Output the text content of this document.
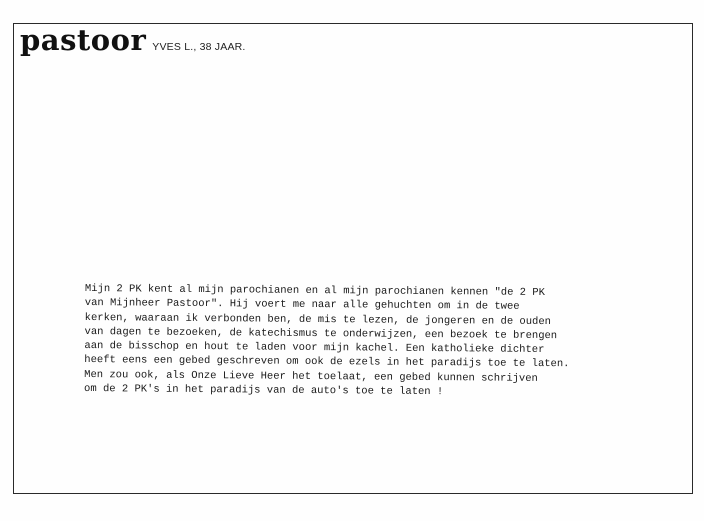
pastoor YVES L., 38 JAAR.
Mijn 2 PK kent al mijn parochianen en al mijn parochianen kennen "de 2 PK
van Mijnheer Pastoor". Hij voert me naar alle gehuchten om in de twee
kerken, waaraan ik verbonden ben, de mis te lezen, de jongeren en de ouden
van dagen te bezoeken, de katechismus te onderwijzen, een bezoek te brengen
aan de bisschop en hout te laden voor mijn kachel. Een katholieke dichter
heeft eens een gebed geschreven om ook de ezels in het paradijs toe te laten.
Men zou ook, als Onze Lieve Heer het toelaat, een gebed kunnen schrijven
om de 2 PK's in het paradijs van de auto's toe te laten !
